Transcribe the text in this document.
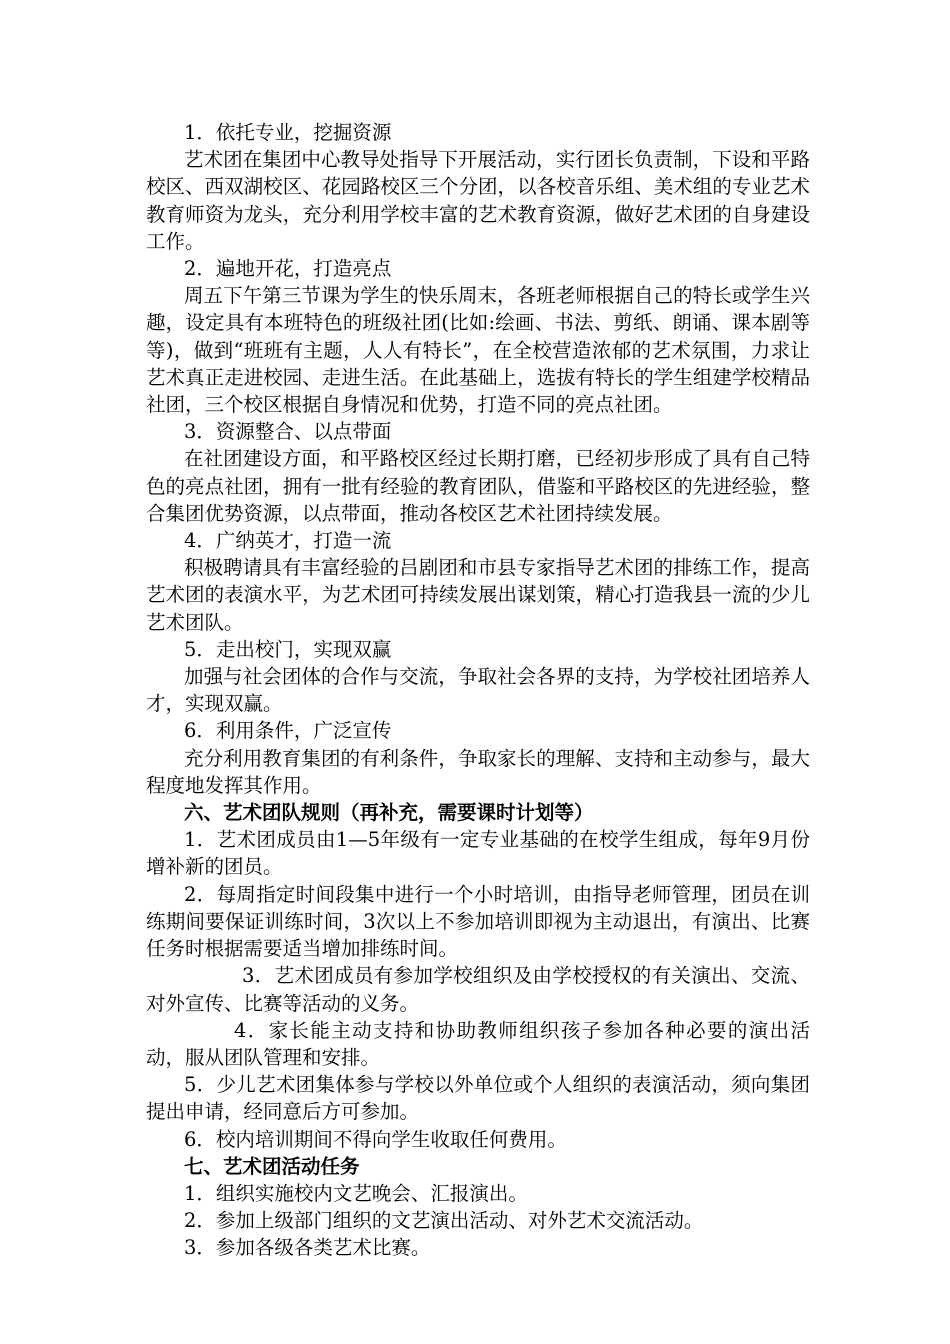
1．依托专业，挖掘资源

艺术团在集团中心教导处指导下开展活动，实行团长负责制，下设和平路校区、西双湖校区、花园路校区三个分团，以各校音乐组、美术组的专业艺术教育师资为龙头，充分利用学校丰富的艺术教育资源，做好艺术团的自身建设工作。

2．遍地开花，打造亮点

周五下午第三节课为学生的快乐周末，各班老师根据自己的特长或学生兴趣，设定具有本班特色的班级社团(比如:绘画、书法、剪纸、朗诵、课本剧等等)，做到“班班有主题，人人有特长”，在全校营造浓郁的艺术氛围，力求让艺术真正走进校园、走进生活。在此基础上，选拔有特长的学生组建学校精品社团，三个校区根据自身情况和优势，打造不同的亮点社团。

3．资源整合、以点带面

在社团建设方面，和平路校区经过长期打磨，已经初步形成了具有自己特色的亮点社团，拥有一批有经验的教育团队，借鉴和平路校区的先进经验，整合集团优势资源，以点带面，推动各校区艺术社团持续发展。

4．广纳英才，打造一流

积极聘请具有丰富经验的吕剧团和市县专家指导艺术团的排练工作，提高艺术团的表演水平，为艺术团可持续发展出谋划策，精心打造我县一流的少儿艺术团队。

5．走出校门，实现双赢

加强与社会团体的合作与交流，争取社会各界的支持，为学校社团培养人才，实现双赢。

6．利用条件，广泛宣传

充分利用教育集团的有利条件，争取家长的理解、支持和主动参与，最大程度地发挥其作用。

六、艺术团队规则（再补充，需要课时计划等）

1．艺术团成员由1—5年级有一定专业基础的在校学生组成，每年9月份增补新的团员。

2．每周指定时间段集中进行一个小时培训，由指导老师管理，团员在训练期间要保证训练时间，3次以上不参加培训即视为主动退出，有演出、比赛任务时根据需要适当增加排练时间。

3．艺术团成员有参加学校组织及由学校授权的有关演出、交流、对外宣传、比赛等活动的义务。

4．家长能主动支持和协助教师组织孩子参加各种必要的演出活动，服从团队管理和安排。

5．少儿艺术团集体参与学校以外单位或个人组织的表演活动，须向集团提出申请，经同意后方可参加。

6．校内培训期间不得向学生收取任何费用。

七、艺术团活动任务

1．组织实施校内文艺晚会、汇报演出。

2．参加上级部门组织的文艺演出活动、对外艺术交流活动。

3．参加各级各类艺术比赛。
